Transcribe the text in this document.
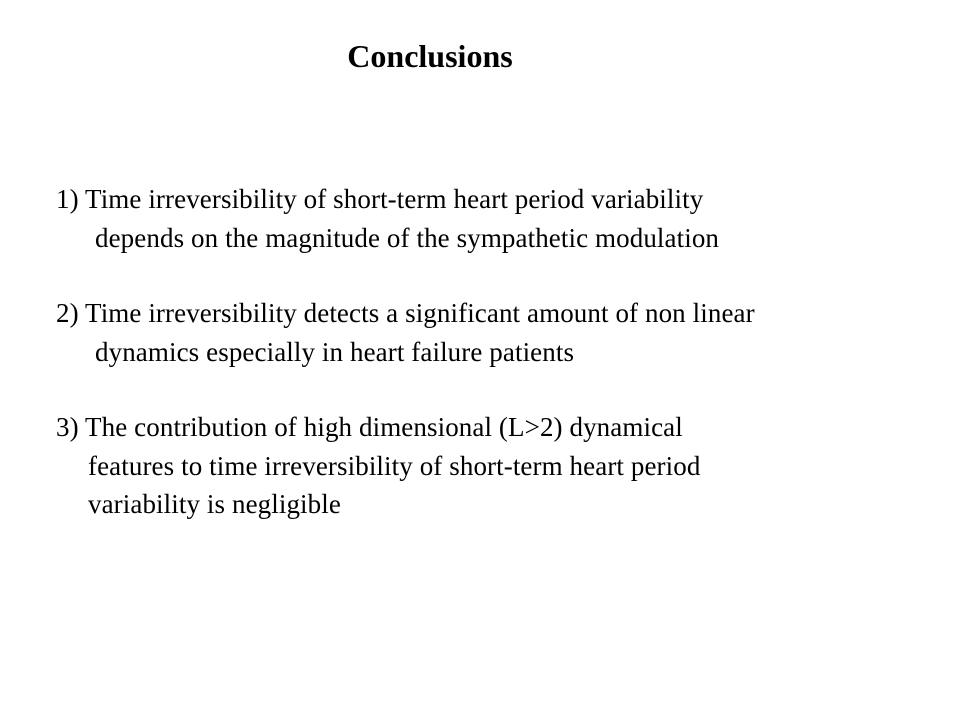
Conclusions
1) Time irreversibility of short-term heart period variability
depends on the magnitude of the sympathetic modulation
2) Time irreversibility detects a significant amount of non linear
dynamics especially in heart failure patients
3) The contribution of high dimensional (L>2) dynamical
features to time irreversibility of short-term heart period
variability is negligible
